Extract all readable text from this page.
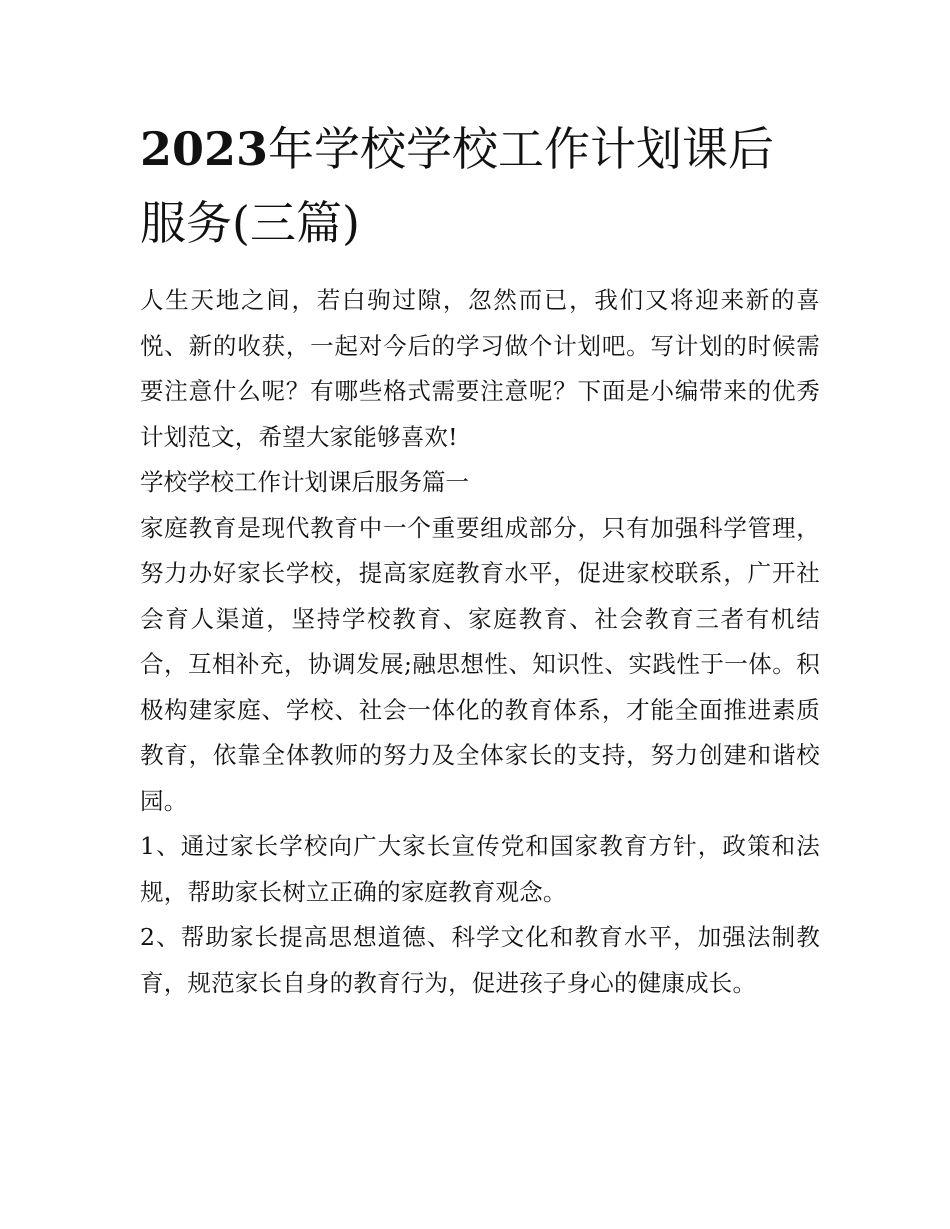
2023年学校学校工作计划课后服务(三篇)

人生天地之间，若白驹过隙，忽然而已，我们又将迎来新的喜悦、新的收获，一起对今后的学习做个计划吧。写计划的时候需要注意什么呢？有哪些格式需要注意呢？下面是小编带来的优秀计划范文，希望大家能够喜欢!

学校学校工作计划课后服务篇一

家庭教育是现代教育中一个重要组成部分，只有加强科学管理，努力办好家长学校，提高家庭教育水平，促进家校联系，广开社会育人渠道，坚持学校教育、家庭教育、社会教育三者有机结合，互相补充，协调发展;融思想性、知识性、实践性于一体。积极构建家庭、学校、社会一体化的教育体系，才能全面推进素质教育，依靠全体教师的努力及全体家长的支持，努力创建和谐校园。

1、通过家长学校向广大家长宣传党和国家教育方针，政策和法规，帮助家长树立正确的家庭教育观念。

2、帮助家长提高思想道德、科学文化和教育水平，加强法制教育，规范家长自身的教育行为，促进孩子身心的健康成长。
